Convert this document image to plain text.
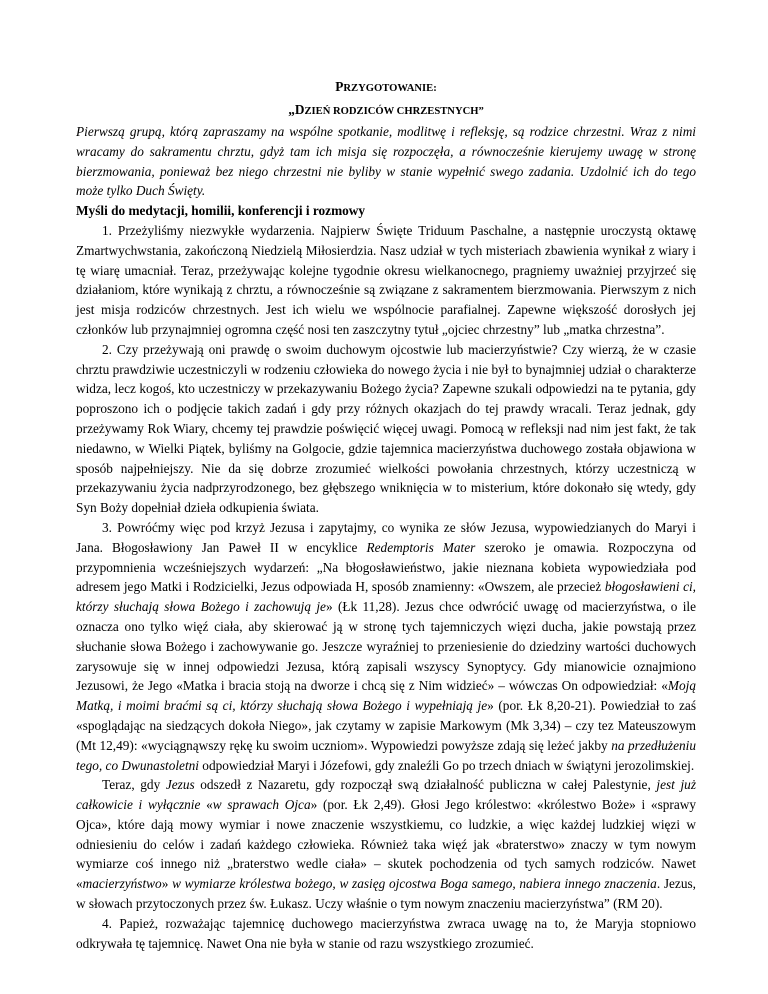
PRZYGOTOWANIE:
„DZIEŃ RODZICÓW CHRZESTNYCH”

Pierwszą grupą, którą zapraszamy na wspólne spotkanie, modlitwę i refleksję, są rodzice chrzestni. Wraz z nimi wracamy do sakramentu chrztu, gdyż tam ich misja się rozpoczęła, a równocześnie kierujemy uwagę w stronę bierzmowania, ponieważ bez niego chrzestni nie byliby w stanie wypełnić swego zadania. Uzdolnić ich do tego może tylko Duch Święty.

Myśli do medytacji, homilii, konferencji i rozmowy

1. Przeżyliśmy niezwykłe wydarzenia. Najpierw Święte Triduum Paschalne, a następnie uroczystą oktawę Zmartwychwstania, zakończoną Niedzielą Miłosierdzia. Nasz udział w tych misteriach zbawienia wynikał z wiary i tę wiarę umacniał. Teraz, przeżywając kolejne tygodnie okresu wielkanocnego, pragniemy uważniej przyjrzeć się działaniom, które wynikają z chrztu, a równocześnie są związane z sakramentem bierzmowania. Pierwszym z nich jest misja rodziców chrzestnych. Jest ich wielu we wspólnocie parafialnej. Zapewne większość dorosłych jej członków lub przynajmniej ogromna część nosi ten zaszczytny tytuł „ojciec chrzestny” lub „matka chrzestna”.

2. Czy przeżywają oni prawdę o swoim duchowym ojcostwie lub macierzyństwie? Czy wierzą, że w czasie chrztu prawdziwie uczestniczyli w rodzeniu człowieka do nowego życia i nie był to bynajmniej udział o charakterze widza, lecz kogoś, kto uczestniczy w przekazywaniu Bożego życia? Zapewne szukali odpowiedzi na te pytania, gdy poproszono ich o podjęcie takich zadań i gdy przy różnych okazjach do tej prawdy wracali. Teraz jednak, gdy przeżywamy Rok Wiary, chcemy tej prawdzie poświęcić więcej uwagi. Pomocą w refleksji nad nim jest fakt, że tak niedawno, w Wielki Piątek, byliśmy na Golgocie, gdzie tajemnica macierzyństwa duchowego została objawiona w sposób najpełniejszy. Nie da się dobrze zrozumieć wielkości powołania chrzestnych, którzy uczestniczą w przekazywaniu życia nadprzyrodzonego, bez głębszego wniknięcia w to misterium, które dokonało się wtedy, gdy Syn Boży dopełniał dzieła odkupienia świata.

3. Powróćmy więc pod krzyż Jezusa i zapytajmy, co wynika ze słów Jezusa, wypowiedzianych do Maryi i Jana. Błogosławiony Jan Paweł II w encyklice Redemptoris Mater szeroko je omawia. Rozpoczyna od przypomnienia wcześniejszych wydarzeń: „Na błogosławieństwo, jakie nieznana kobieta wypowiedziała pod adresem jego Matki i Rodzicielki, Jezus odpowiada H, sposób znamienny: «Owszem, ale przecież błogosławieni ci, którzy słuchają słowa Bożego i zachowują je» (Łk 11,28). Jezus chce odwrócić uwagę od macierzyństwa, o ile oznacza ono tylko więź ciała, aby skierować ją w stronę tych tajemniczych więzi ducha, jakie powstają przez słuchanie słowa Bożego i zachowywanie go. Jeszcze wyraźniej to przeniesienie do dziedziny wartości duchowych zarysowuje się w innej odpowiedzi Jezusa, którą zapisali wszyscy Synoptycy. Gdy mianowicie oznajmiono Jezusowi, że Jego «Matka i bracia stoją na dworze i chcą się z Nim widzieć» – wówczas On odpowiedział: «Moją Matką, i moimi braćmi są ci, którzy słuchają słowa Bożego i wypełniają je» (por. Łk 8,20-21). Powiedział to zaś «spoglądając na siedzących dokoła Niego», jak czytamy w zapisie Markowym (Mk 3,34) – czy tez Mateuszowym (Mt 12,49): «wyciągnąwszy rękę ku swoim uczniom». Wypowiedzi powyższe zdają się leżeć jakby na przedłużeniu tego, co Dwunastoletni odpowiedział Maryi i Józefowi, gdy znaleźli Go po trzech dniach w świątyni jerozolimskiej.

Teraz, gdy Jezus odszedł z Nazaretu, gdy rozpoczął swą działalność publiczna w całej Palestynie, jest już całkowicie i wyłącznie «w sprawach Ojca» (por. Łk 2,49). Głosi Jego królestwo: «królestwo Boże» i «sprawy Ojca», które dają mowy wymiar i nowe znaczenie wszystkiemu, co ludzkie, a więc każdej ludzkiej więzi w odniesieniu do celów i zadań każdego człowieka. Również taka więź jak «braterstwo» znaczy w tym nowym wymiarze coś innego niż „braterstwo wedle ciała» – skutek pochodzenia od tych samych rodziców. Nawet «macierzyństwo» w wymiarze królestwa bożego, w zasięg ojcostwa Boga samego, nabiera innego znaczenia. Jezus, w słowach przytoczonych przez św. Łukasz. Uczy właśnie o tym nowym znaczeniu macierzyństwa” (RM 20).

4. Papież, rozważając tajemnicę duchowego macierzyństwa zwraca uwagę na to, że Maryja stopniowo odkrywała tę tajemnicę. Nawet Ona nie była w stanie od razu wszystkiego zrozumieć.
